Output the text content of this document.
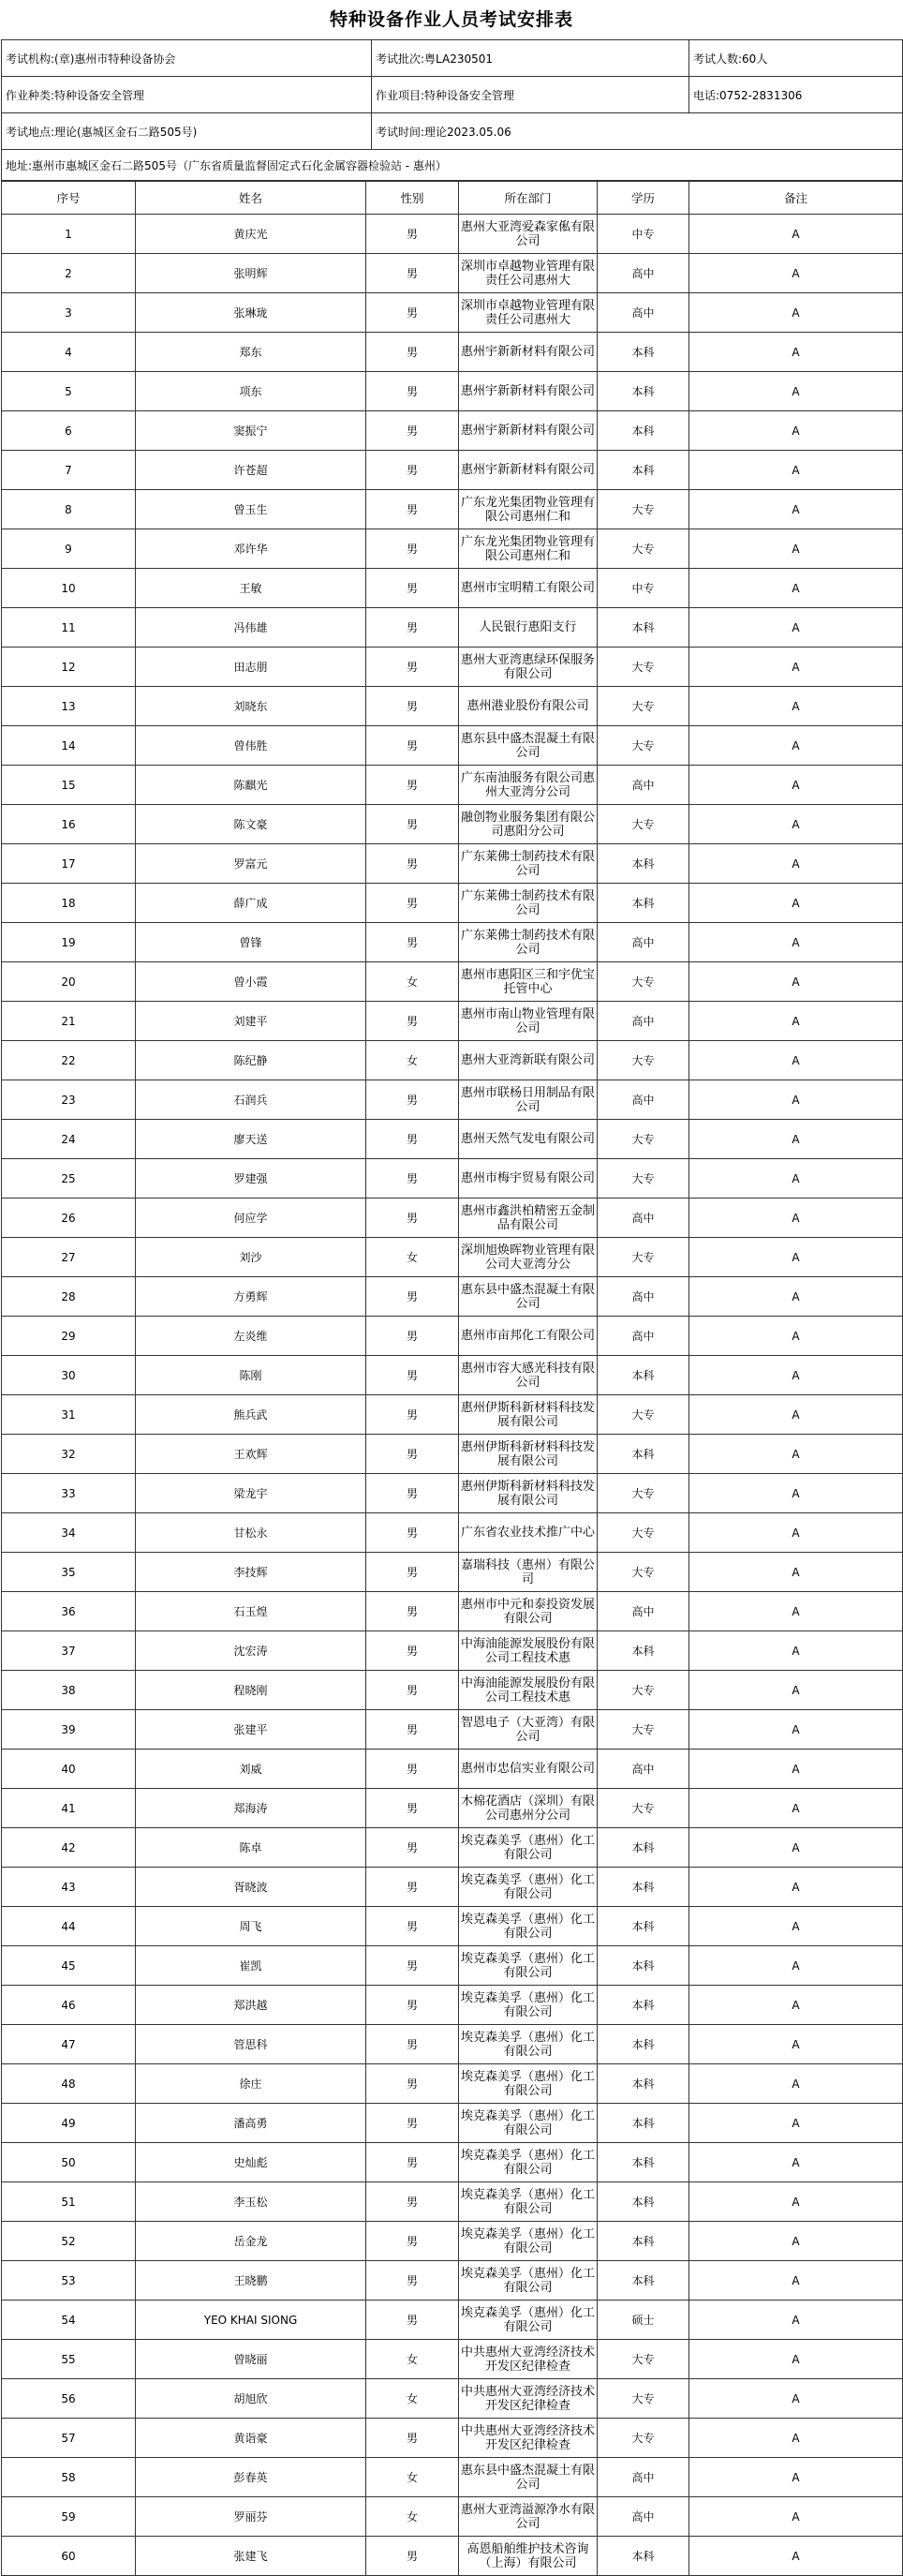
特种设备作业人员考试安排表
考试机构:(章)惠州市特种设备协会	考试批次:粤LA230501	考试人数:60人
作业种类:特种设备安全管理	作业项目:特种设备安全管理	电话:0752-2831306
考试地点:理论(惠城区金石二路505号)	考试时间:理论2023.05.06	
地址:惠州市惠城区金石二路505号（广东省质量监督固定式石化金属容器检验站 - 惠州）		
序号	姓名	性别	所在部门	学历	备注
1	黄庆光	男	惠州大亚湾爱森家俬有限公司	中专	A
2	张明辉	男	深圳市卓越物业管理有限责任公司惠州大	高中	A
3	张琳珑	男	深圳市卓越物业管理有限责任公司惠州大	高中	A
4	郑东	男	惠州宇新新材料有限公司	本科	A
5	项东	男	惠州宇新新材料有限公司	本科	A
6	窦振宁	男	惠州宇新新材料有限公司	本科	A
7	许苍超	男	惠州宇新新材料有限公司	本科	A
8	曾玉生	男	广东龙光集团物业管理有限公司惠州仁和	大专	A
9	邓许华	男	广东龙光集团物业管理有限公司惠州仁和	大专	A
10	王敏	男	惠州市宝明精工有限公司	中专	A
11	冯伟雄	男	人民银行惠阳支行	本科	A
12	田志朋	男	惠州大亚湾惠绿环保服务有限公司	大专	A
13	刘晓东	男	惠州港业股份有限公司	大专	A
14	曾伟胜	男	惠东县中盛杰混凝土有限公司	大专	A
15	陈麒光	男	广东南油服务有限公司惠州大亚湾分公司	高中	A
16	陈文豪	男	融创物业服务集团有限公司惠阳分公司	大专	A
17	罗富元	男	广东莱佛士制药技术有限公司	本科	A
18	薛广成	男	广东莱佛士制药技术有限公司	本科	A
19	曾锋	男	广东莱佛士制药技术有限公司	高中	A
20	曾小霞	女	惠州市惠阳区三和宇优宝托管中心	大专	A
21	刘建平	男	惠州市南山物业管理有限公司	高中	A
22	陈纪静	女	惠州大亚湾新联有限公司	大专	A
23	石润兵	男	惠州市联杨日用制品有限公司	高中	A
24	廖天送	男	惠州天然气发电有限公司	大专	A
25	罗建强	男	惠州市梅宇贸易有限公司	大专	A
26	何应学	男	惠州市鑫洪柏精密五金制品有限公司	高中	A
27	刘沙	女	深圳旭焕晖物业管理有限公司大亚湾分公	大专	A
28	方勇辉	男	惠东县中盛杰混凝土有限公司	高中	A
29	左炎维	男	惠州市亩邦化工有限公司	高中	A
30	陈刚	男	惠州市容大感光科技有限公司	本科	A
31	熊兵武	男	惠州伊斯科新材料科技发展有限公司	大专	A
32	王欢辉	男	惠州伊斯科新材料科技发展有限公司	本科	A
33	梁龙宇	男	惠州伊斯科新材料科技发展有限公司	大专	A
34	甘松永	男	广东省农业技术推广中心	大专	A
35	李技辉	男	嘉瑞科技（惠州）有限公司	大专	A
36	石玉煌	男	惠州市中元和泰投资发展有限公司	高中	A
37	沈宏涛	男	中海油能源发展股份有限公司工程技术惠	本科	A
38	程晓刚	男	中海油能源发展股份有限公司工程技术惠	大专	A
39	张建平	男	智恩电子（大亚湾）有限公司	大专	A
40	刘威	男	惠州市忠信实业有限公司	高中	A
41	郑海涛	男	木棉花酒店（深圳）有限公司惠州分公司	大专	A
42	陈卓	男	埃克森美孚（惠州）化工有限公司	本科	A
43	胥晓波	男	埃克森美孚（惠州）化工有限公司	本科	A
44	周飞	男	埃克森美孚（惠州）化工有限公司	本科	A
45	崔凯	男	埃克森美孚（惠州）化工有限公司	本科	A
46	郑洪越	男	埃克森美孚（惠州）化工有限公司	本科	A
47	管思科	男	埃克森美孚（惠州）化工有限公司	本科	A
48	徐庄	男	埃克森美孚（惠州）化工有限公司	本科	A
49	潘高勇	男	埃克森美孚（惠州）化工有限公司	本科	A
50	史灿彪	男	埃克森美孚（惠州）化工有限公司	本科	A
51	李玉松	男	埃克森美孚（惠州）化工有限公司	本科	A
52	岳金龙	男	埃克森美孚（惠州）化工有限公司	本科	A
53	王晓鹏	男	埃克森美孚（惠州）化工有限公司	本科	A
54	YEO KHAI SIONG	男	埃克森美孚（惠州）化工有限公司	硕士	A
55	曾晓丽	女	中共惠州大亚湾经济技术开发区纪律检查	大专	A
56	胡旭欣	女	中共惠州大亚湾经济技术开发区纪律检查	大专	A
57	黄诣豪	男	中共惠州大亚湾经济技术开发区纪律检查	大专	A
58	彭春英	女	惠东县中盛杰混凝土有限公司	高中	A
59	罗丽芬	女	惠州大亚湾溢源净水有限公司	高中	A
60	张建飞	男	高恩船舶维护技术咨询（上海）有限公司	本科	A
